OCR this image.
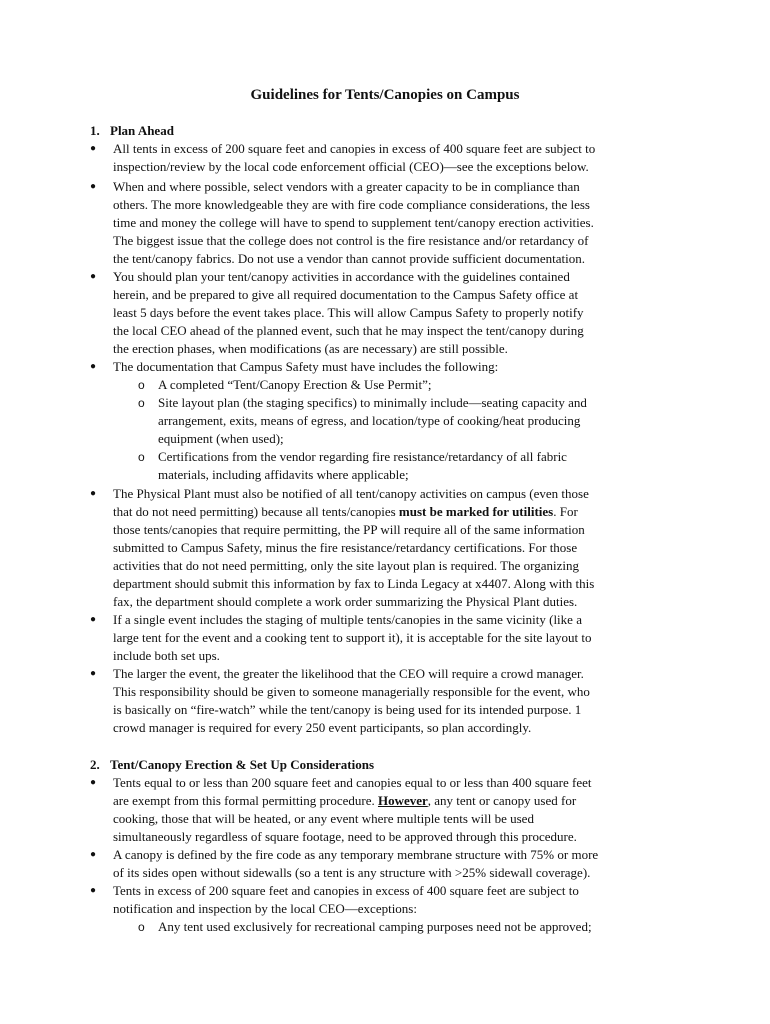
Guidelines for Tents/Canopies on Campus
1. Plan Ahead
● All tents in excess of 200 square feet and canopies in excess of 400 square feet are subject to
inspection/review by the local code enforcement official (CEO)—see the exceptions below.
● When and where possible, select vendors with a greater capacity to be in compliance than
others. The more knowledgeable they are with fire code compliance considerations, the less
time and money the college will have to spend to supplement tent/canopy erection activities.
The biggest issue that the college does not control is the fire resistance and/or retardancy of
the tent/canopy fabrics. Do not use a vendor than cannot provide sufficient documentation.
● You should plan your tent/canopy activities in accordance with the guidelines contained
herein, and be prepared to give all required documentation to the Campus Safety office at
least 5 days before the event takes place. This will allow Campus Safety to properly notify
the local CEO ahead of the planned event, such that he may inspect the tent/canopy during
the erection phases, when modifications (as are necessary) are still possible.
● The documentation that Campus Safety must have includes the following:
o A completed “Tent/Canopy Erection & Use Permit”;
o Site layout plan (the staging specifics) to minimally include—seating capacity and
arrangement, exits, means of egress, and location/type of cooking/heat producing
equipment (when used);
o Certifications from the vendor regarding fire resistance/retardancy of all fabric
materials, including affidavits where applicable;
● The Physical Plant must also be notified of all tent/canopy activities on campus (even those
that do not need permitting) because all tents/canopies must be marked for utilities. For
those tents/canopies that require permitting, the PP will require all of the same information
submitted to Campus Safety, minus the fire resistance/retardancy certifications. For those
activities that do not need permitting, only the site layout plan is required. The organizing
department should submit this information by fax to Linda Legacy at x4407. Along with this
fax, the department should complete a work order summarizing the Physical Plant duties.
● If a single event includes the staging of multiple tents/canopies in the same vicinity (like a
large tent for the event and a cooking tent to support it), it is acceptable for the site layout to
include both set ups.
● The larger the event, the greater the likelihood that the CEO will require a crowd manager.
This responsibility should be given to someone managerially responsible for the event, who
is basically on “fire-watch” while the tent/canopy is being used for its intended purpose. 1
crowd manager is required for every 250 event participants, so plan accordingly.
2. Tent/Canopy Erection & Set Up Considerations
● Tents equal to or less than 200 square feet and canopies equal to or less than 400 square feet
are exempt from this formal permitting procedure. However, any tent or canopy used for
cooking, those that will be heated, or any event where multiple tents will be used
simultaneously regardless of square footage, need to be approved through this procedure.
● A canopy is defined by the fire code as any temporary membrane structure with 75% or more
of its sides open without sidewalls (so a tent is any structure with >25% sidewall coverage).
● Tents in excess of 200 square feet and canopies in excess of 400 square feet are subject to
notification and inspection by the local CEO—exceptions:
o Any tent used exclusively for recreational camping purposes need not be approved;
